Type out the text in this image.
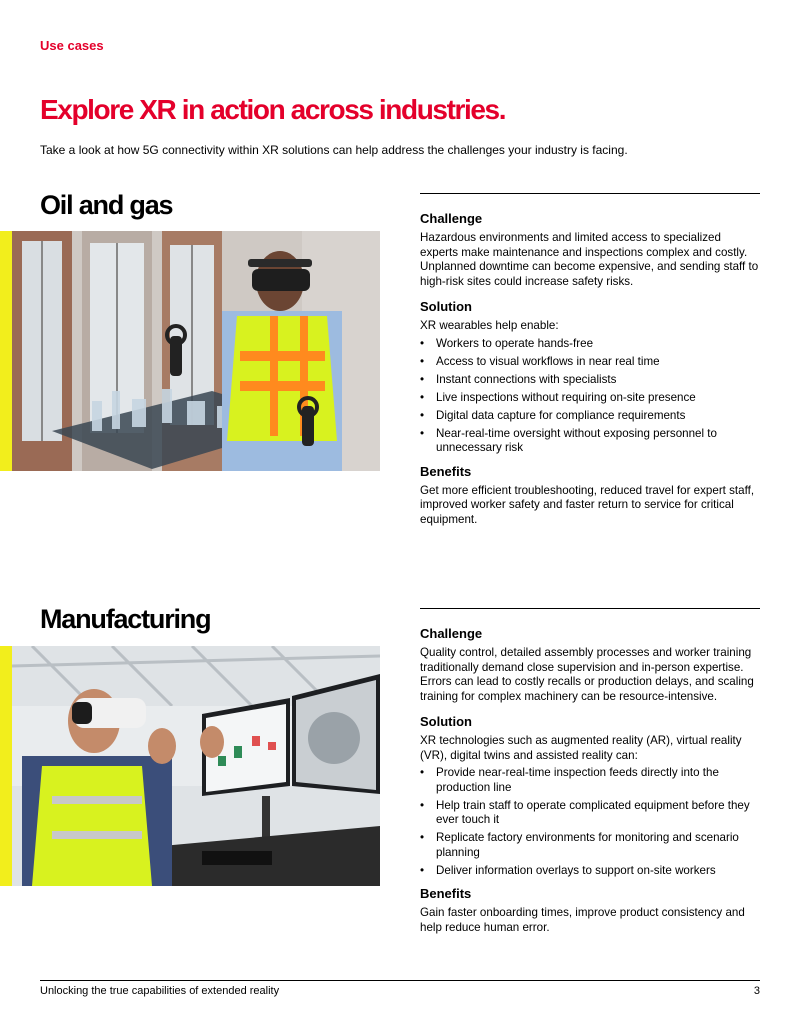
Use cases
Explore XR in action across industries.

Take a look at how 5G connectivity within XR solutions can help address the challenges your industry is facing.

Oil and gas	Challenge

Hazardous environments and limited access to specialized experts make maintenance and inspections complex and costly. Unplanned downtime can become expensive, and sending staff to high-risk sites could increase safety risks.

Solution

XR wearables help enable:

• Workers to operate hands-free
• Access to visual workflows in near real time
• Instant connections with specialists
• Live inspections without requiring on-site presence
• Digital data capture for compliance requirements
• Near-real-time oversight without exposing personnel to unnecessary risk
Benefits

Get more efficient troubleshooting, reduced travel for expert staff, improved worker safety and faster return to service for critical equipment.

Manufacturing	Challenge

Quality control, detailed assembly processes and worker training traditionally demand close supervision and in-person expertise. Errors can lead to costly recalls or production delays, and scaling training for complex machinery can be resource-intensive.

Solution

XR technologies such as augmented reality (AR), virtual reality (VR), digital twins and assisted reality can:

• Provide near-real-time inspection feeds directly into the production line
• Help train staff to operate complicated equipment before they ever touch it
• Replicate factory environments for monitoring and scenario planning
• Deliver information overlays to support on-site workers
Benefits

Gain faster onboarding times, improve product consistency and help reduce human error.

Unlocking the true capabilities of extended reality	3
